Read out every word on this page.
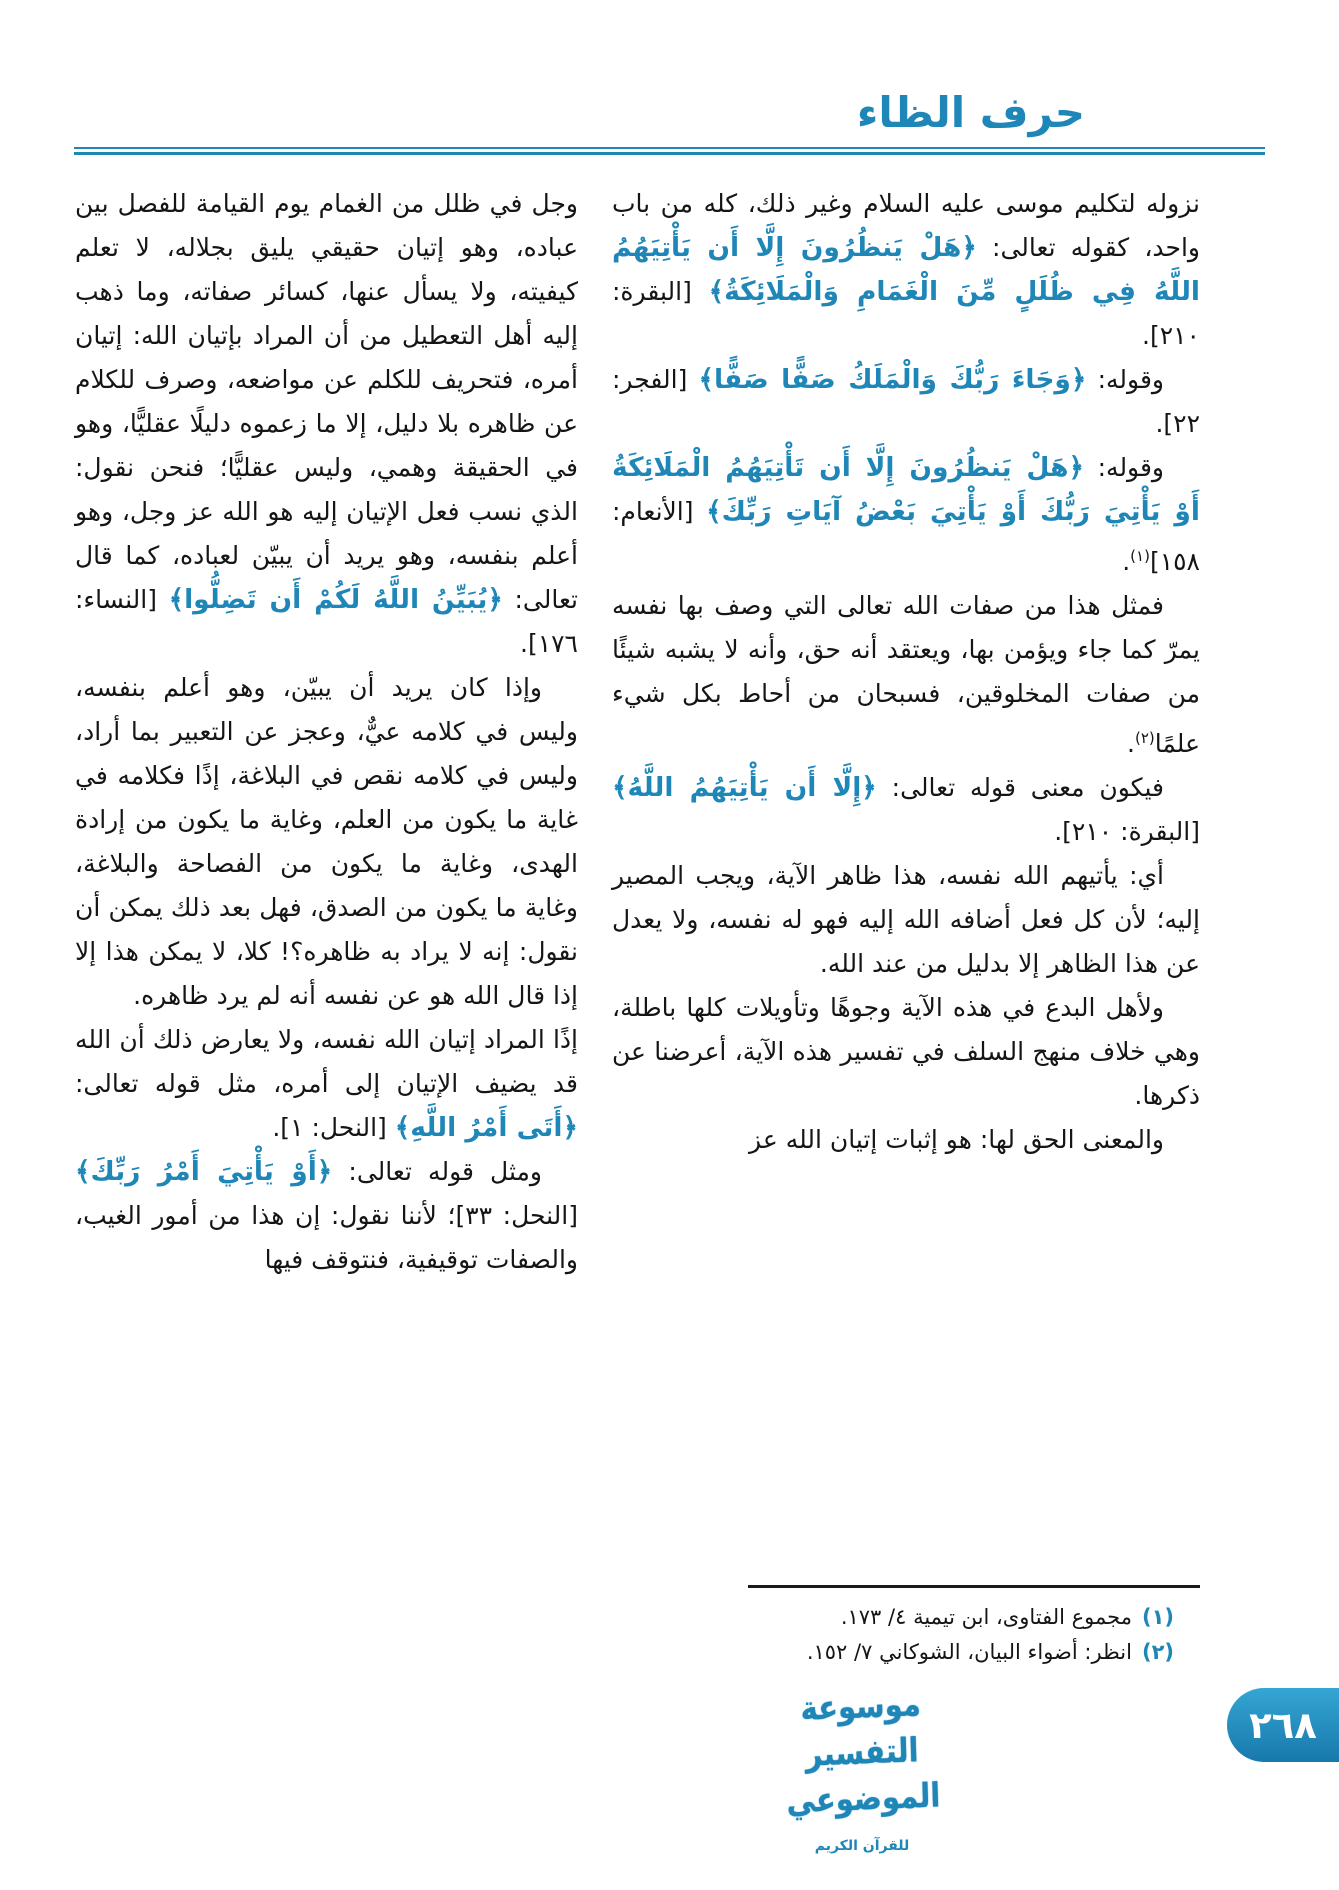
حرف الظاء

نزوله لتكليم موسى عليه السلام وغير ذلك، كله من باب واحد، كقوله تعالى: ﴿هَلْ يَنظُرُونَ إِلَّا أَن يَأْتِيَهُمُ اللَّهُ فِي ظُلَلٍ مِّنَ الْغَمَامِ وَالْمَلَائِكَةُ﴾ [البقرة: ٢١٠].

وقوله: ﴿وَجَاءَ رَبُّكَ وَالْمَلَكُ صَفًّا صَفًّا﴾ [الفجر: ٢٢].

وقوله: ﴿هَلْ يَنظُرُونَ إِلَّا أَن تَأْتِيَهُمُ الْمَلَائِكَةُ أَوْ يَأْتِيَ رَبُّكَ أَوْ يَأْتِيَ بَعْضُ آيَاتِ رَبِّكَ﴾ [الأنعام: ١٥٨]$^{(١)}$.

فمثل هذا من صفات الله تعالى التي وصف بها نفسه يمرّ كما جاء ويؤمن بها، ويعتقد أنه حق، وأنه لا يشبه شيئًا من صفات المخلوقين، فسبحان من أحاط بكل شيء علمًا$^{(٢)}$.

فيكون معنى قوله تعالى: ﴿إِلَّا أَن يَأْتِيَهُمُ اللَّهُ﴾ [البقرة: ٢١٠].

أي: يأتيهم الله نفسه، هذا ظاهر الآية، ويجب المصير إليه؛ لأن كل فعل أضافه الله إليه فهو له نفسه، ولا يعدل عن هذا الظاهر إلا بدليل من عند الله.

ولأهل البدع في هذه الآية وجوهًا وتأويلات كلها باطلة، وهي خلاف منهج السلف في تفسير هذه الآية، أعرضنا عن ذكرها.

والمعنى الحق لها: هو إثبات إتيان الله عز

(١)مجموع الفتاوى، ابن تيمية ٤/ ١٧٣.
(٢)انظر: أضواء البيان، الشوكاني ٧/ ١٥٢.

وجل في ظلل من الغمام يوم القيامة للفصل بين عباده، وهو إتيان حقيقي يليق بجلاله، لا تعلم كيفيته، ولا يسأل عنها، كسائر صفاته، وما ذهب إليه أهل التعطيل من أن المراد بإتيان الله: إتيان أمره، فتحريف للكلم عن مواضعه، وصرف للكلام عن ظاهره بلا دليل، إلا ما زعموه دليلًا عقليًّا، وهو في الحقيقة وهمي، وليس عقليًّا؛ فنحن نقول: الذي نسب فعل الإتيان إليه هو الله عز وجل، وهو أعلم بنفسه، وهو يريد أن يبيّن لعباده، كما قال تعالى: ﴿يُبَيِّنُ اللَّهُ لَكُمْ أَن تَضِلُّوا﴾ [النساء: ١٧٦].

وإذا كان يريد أن يبيّن، وهو أعلم بنفسه، وليس في كلامه عيٌّ، وعجز عن التعبير بما أراد، وليس في كلامه نقص في البلاغة، إذًا فكلامه في غاية ما يكون من العلم، وغاية ما يكون من إرادة الهدى، وغاية ما يكون من الفصاحة والبلاغة، وغاية ما يكون من الصدق، فهل بعد ذلك يمكن أن نقول: إنه لا يراد به ظاهره؟! كلا، لا يمكن هذا إلا إذا قال الله هو عن نفسه أنه لم يرد ظاهره.

إذًا المراد إتيان الله نفسه، ولا يعارض ذلك أن الله قد يضيف الإتيان إلى أمره، مثل قوله تعالى: ﴿أَتَى أَمْرُ اللَّهِ﴾ [النحل: ١].

ومثل قوله تعالى: ﴿أَوْ يَأْتِيَ أَمْرُ رَبِّكَ﴾ [النحل: ٣٣]؛ لأننا نقول: إن هذا من أمور الغيب، والصفات توقيفية، فنتوقف فيها

موسوعة التفسير الموضوعي
للقرآن الكريم
٢٦٨
